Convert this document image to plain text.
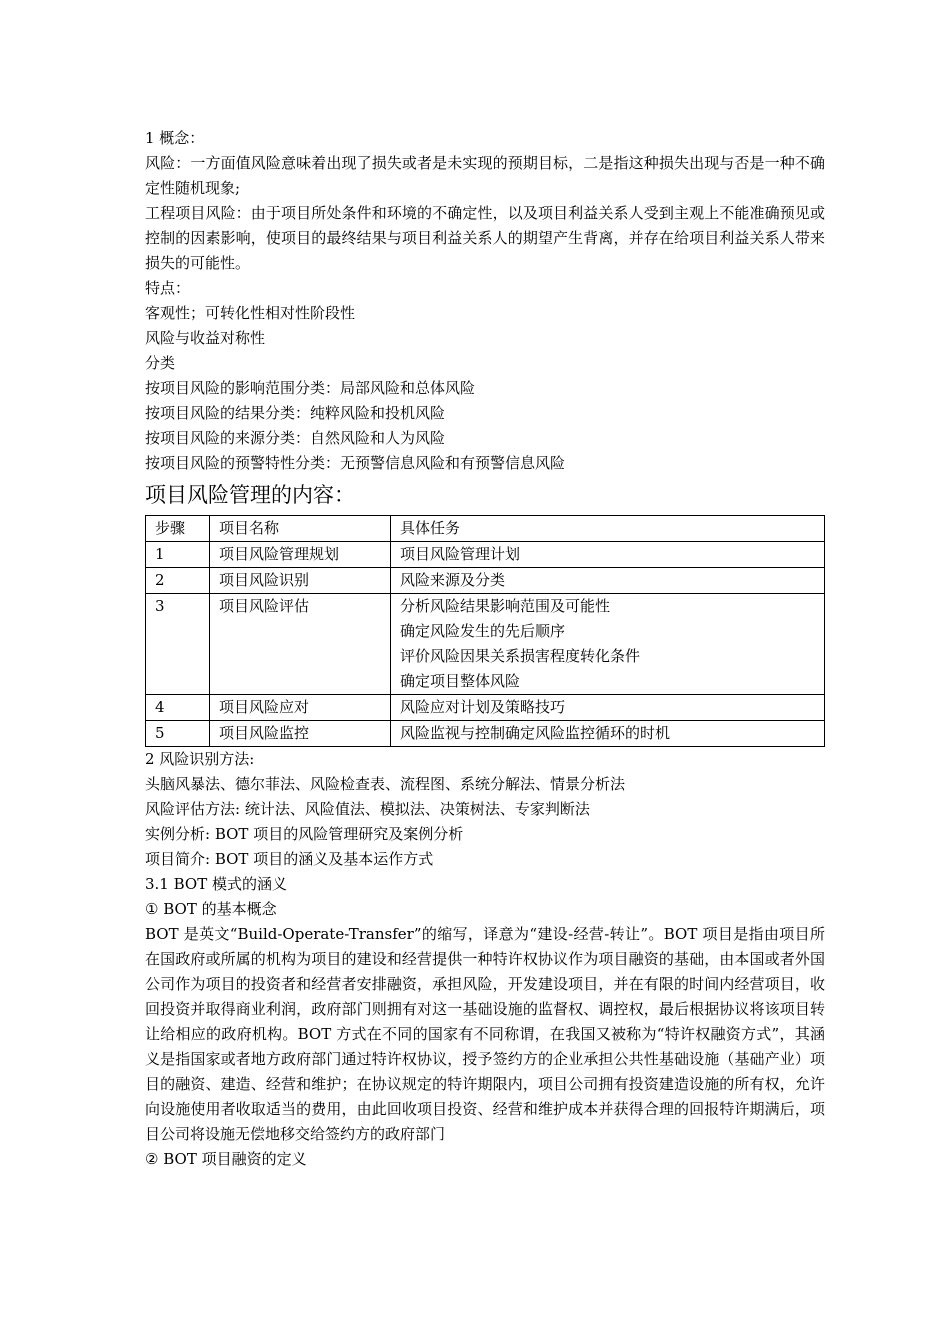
1 概念：

风险：一方面值风险意味着出现了损失或者是未实现的预期目标，二是指这种损失出现与否是一种不确定性随机现象;

工程项目风险：由于项目所处条件和环境的不确定性，以及项目利益关系人受到主观上不能准确预见或控制的因素影响，使项目的最终结果与项目利益关系人的期望产生背离，并存在给项目利益关系人带来损失的可能性。

特点：

客观性；可转化性相对性阶段性

风险与收益对称性

分类

按项目风险的影响范围分类：局部风险和总体风险

按项目风险的结果分类：纯粹风险和投机风险

按项目风险的来源分类：自然风险和人为风险

按项目风险的预警特性分类：无预警信息风险和有预警信息风险

项目风险管理的内容：
步骤	项目名称	具体任务
1	项目风险管理规划	项目风险管理计划
2	项目风险识别	风险来源及分类
3	项目风险评估	分析风险结果影响范围及可能性
确定风险发生的先后顺序
评价风险因果关系损害程度转化条件
确定项目整体风险

4	项目风险应对	风险应对计划及策略技巧
5	项目风险监控	风险监视与控制确定风险监控循环的时机

2 风险识别方法:

头脑风暴法、德尔菲法、风险检查表、流程图、系统分解法、情景分析法

风险评估方法: 统计法、风险值法、模拟法、决策树法、专家判断法

实例分析: BOT 项目的风险管理研究及案例分析

项目简介: BOT 项目的涵义及基本运作方式

3.1 BOT 模式的涵义

① BOT 的基本概念

BOT 是英文“Build-Operate-Transfer”的缩写，译意为“建设-经营-转让”。BOT 项目是指由项目所在国政府或所属的机构为项目的建设和经营提供一种特许权协议作为项目融资的基础，由本国或者外国公司作为项目的投资者和经营者安排融资，承担风险，开发建设项目，并在有限的时间内经营项目，收回投资并取得商业利润，政府部门则拥有对这一基础设施的监督权、调控权，最后根据协议将该项目转让给相应的政府机构。BOT 方式在不同的国家有不同称谓，在我国又被称为“特许权融资方式”，其涵义是指国家或者地方政府部门通过特许权协议，授予签约方的企业承担公共性基础设施（基础产业）项目的融资、建造、经营和维护；在协议规定的特许期限内，项目公司拥有投资建造设施的所有权，允许向设施使用者收取适当的费用，由此回收项目投资、经营和维护成本并获得合理的回报特许期满后，项目公司将设施无偿地移交给签约方的政府部门

② BOT 项目融资的定义
